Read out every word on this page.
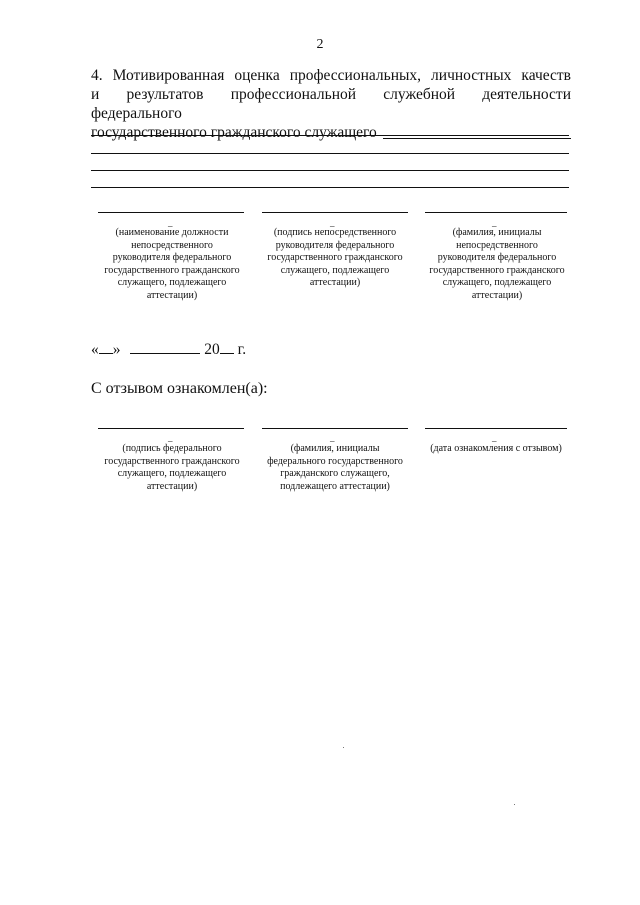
2
4. Мотивированная оценка профессиональных, личностных качеств
и результатов профессиональной служебной деятельности федерального
государственного гражданского служащего
_	_	_
(наименование должности непосредственного руководителя федерального государственного гражданского служащего, подлежащего аттестации)
(подпись непосредственного руководителя федерального государственного гражданского служащего, подлежащего аттестации)
(фамилия, инициалы непосредственного руководителя федерального государственного гражданского служащего, подлежащего аттестации)
« »	20 г.
С отзывом ознакомлен(а):
_	_	_
(подпись федерального государственного гражданского служащего, подлежащего аттестации)
(фамилия, инициалы федерального государственного гражданского служащего, подлежащего аттестации)
(дата ознакомления с отзывом)
